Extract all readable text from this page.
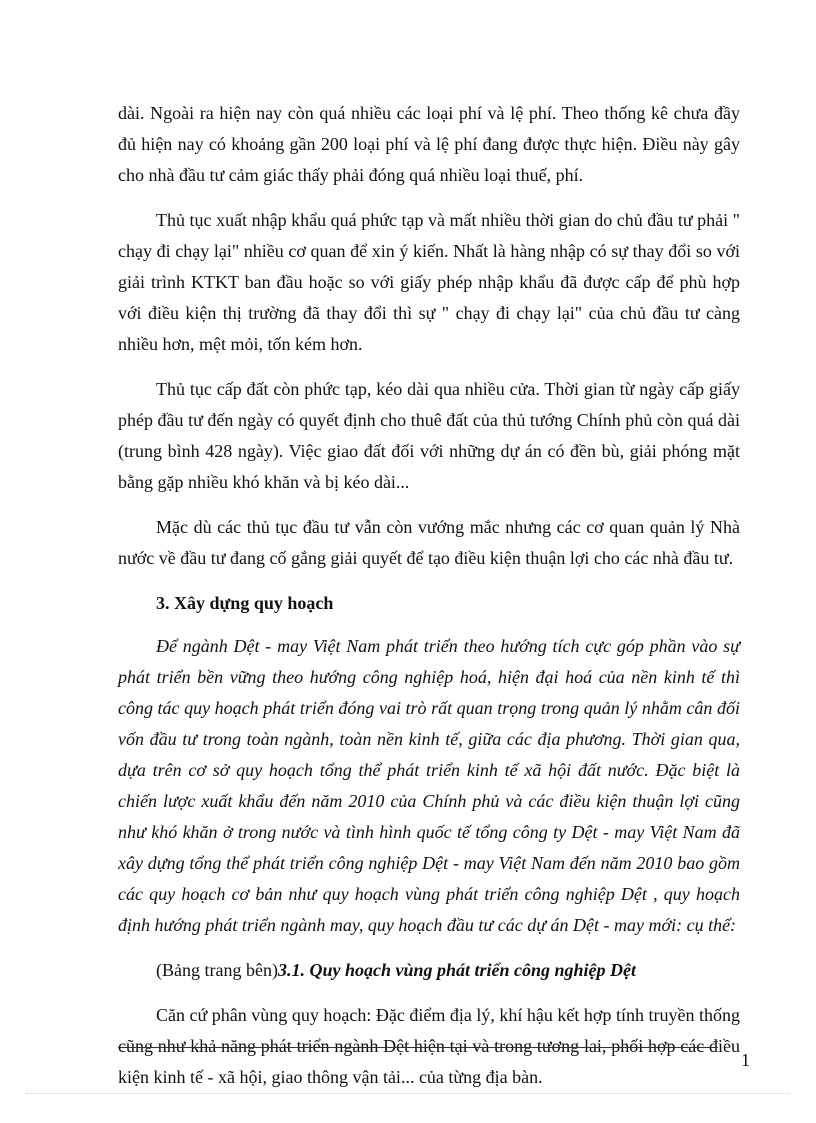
dài. Ngoài ra hiện nay còn quá nhiều các loại phí và lệ phí. Theo thống kê chưa đầy đủ hiện nay có khoảng gần 200 loại phí và lệ phí đang được thực hiện. Điều này gây cho nhà đầu tư cảm giác thấy phải đóng quá nhiều loại thuế, phí.

Thủ tục xuất nhập khẩu quá phức tạp và mất nhiều thời gian do chủ đầu tư phải " chạy đi chạy lại" nhiều cơ quan để xin ý kiến. Nhất là hàng nhập có sự thay đổi so với giải trình KTKT ban đầu hoặc so với giấy phép nhập khẩu đã được cấp để phù hợp với điều kiện thị trường đã thay đổi thì sự " chạy đi chạy lại" của chủ đầu tư càng nhiều hơn, mệt mỏi, tốn kém hơn.

Thủ tục cấp đất còn phức tạp, kéo dài qua nhiều cửa. Thời gian từ ngày cấp giấy phép đầu tư đến ngày có quyết định cho thuê đất của thủ tướng Chính phủ còn quá dài (trung bình 428 ngày). Việc giao đất đối với những dự án có đền bù, giải phóng mặt bằng gặp nhiều khó khăn và bị kéo dài...

Mặc dù các thủ tục đầu tư vẫn còn vướng mắc nhưng các cơ quan quản lý Nhà nước về đầu tư đang cố gắng giải quyết để tạo điều kiện thuận lợi cho các nhà đầu tư.

3. Xây dựng quy hoạch

Để ngành Dệt - may Việt Nam phát triển theo hướng tích cực góp phần vào sự phát triển bền vững theo hướng công nghiệp hoá, hiện đại hoá của nền kinh tế thì công tác quy hoạch phát triển đóng vai trò rất quan trọng trong quản lý nhằm cân đối vốn đầu tư trong toàn ngành, toàn nền kinh tế, giữa các địa phương. Thời gian qua, dựa trên cơ sở quy hoạch tổng thể phát triển kinh tế xã hội đất nước. Đặc biệt là chiến lược xuất khẩu đến năm 2010 của Chính phủ và các điều kiện thuận lợi cũng như khó khăn ở trong nước và tình hình quốc tế tổng công ty Dệt - may Việt Nam đã xây dựng tổng thể phát triển công nghiệp Dệt - may Việt Nam đến năm 2010 bao gồm các quy hoạch cơ bản như quy hoạch vùng phát triển công nghiệp Dệt , quy hoạch định hướng phát triển ngành may, quy hoạch đầu tư các dự án Dệt - may mới: cụ thể:

(Bảng trang bên)3.1. Quy hoạch vùng phát triển công nghiệp Dệt

Căn cứ phân vùng quy hoạch: Đặc điểm địa lý, khí hậu kết hợp tính truyền thống cũng như khả năng phát triển ngành Dệt hiện tại và trong tương lai, phối hợp các điều kiện kinh tế - xã hội, giao thông vận tải... của từng địa bàn.

1
